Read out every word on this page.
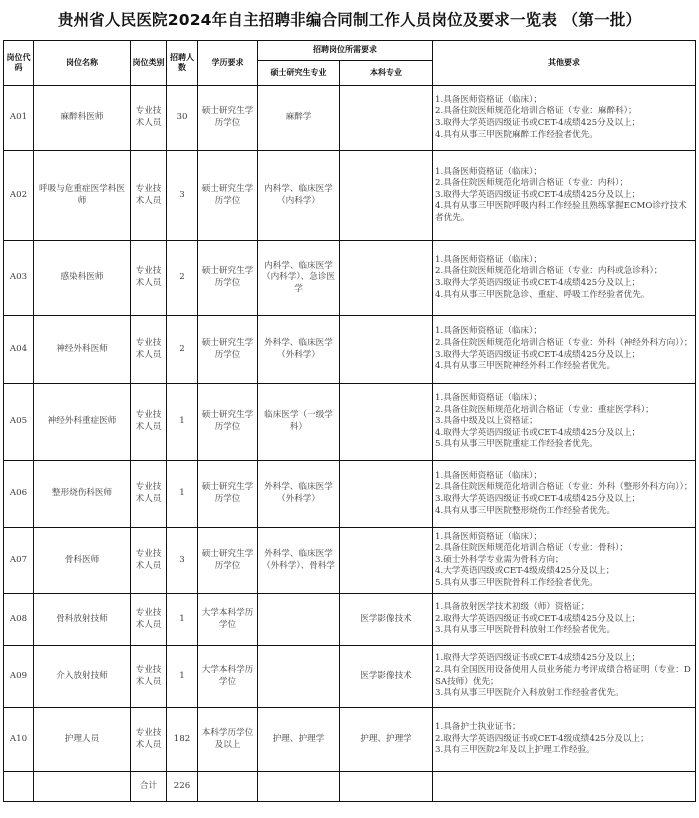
贵州省人民医院2024年自主招聘非编合同制工作人员岗位及要求一览表 （第一批）
岗位代码	岗位名称	岗位类别	招聘人数	学历要求	招聘岗位所需要求		其他要求
					硕士研究生专业	本科专业	
A01	麻醉科医师	专业技术人员	30	硕士研究生学历学位	麻醉学		1.具备医师资格证（临床）；
2.具备住院医师规范化培训合格证（专业：麻醉科）；
3.取得大学英语四级证书或CET-4成绩425分及以上；
4.具有从事三甲医院麻醉工作经验者优先。

A02	呼吸与危重症医学科医师	专业技术人员	3	硕士研究生学历学位	内科学、临床医学（内科学）		1.具备医师资格证（临床）；
2.具备住院医师规范化培训合格证（专业：内科）；
3.取得大学英语四级证书或CET-4成绩425分及以上；
4.具有从事三甲医院呼吸内科工作经验且熟练掌握ECMO诊疗技术者优先。

A03	感染科医师	专业技术人员	2	硕士研究生学历学位	内科学、临床医学（内科学）、急诊医学		1.具备医师资格证（临床）；
2.具备住院医师规范化培训合格证（专业：内科或急诊科）；
3.取得大学英语四级证书或CET-4成绩425分及以上；
4.具有从事三甲医院急诊、重症、呼吸工作经验者优先。

A04	神经外科医师	专业技术人员	2	硕士研究生学历学位	外科学、临床医学（外科学）		1.具备医师资格证（临床）；
2.具备住院医师规范化培训合格证（专业：外科（神经外科方向））；
3.取得大学英语四级证书或CET-4成绩425分及以上；
4.具有从事三甲医院神经外科工作经验者优先。

A05	神经外科重症医师	专业技术人员	1	硕士研究生学历学位	临床医学（一级学科）		1.具备医师资格证（临床）；
2.具备住院医师规范化培训合格证（专业：重症医学科）；
3.具备中级及以上资格证；
4.取得大学英语四级证书或CET-4成绩425分及以上；
5.具有从事三甲医院重症工作经验者优先。

A06	整形烧伤科医师	专业技术人员	1	硕士研究生学历学位	外科学、临床医学（外科学）		1.具备医师资格证（临床）；
2.具备住院医师规范化培训合格证（专业：外科（整形外科方向））；
3.取得大学英语四级证书或CET-4成绩425分及以上；
4.具有从事三甲医院整形烧伤工作经验者优先。

A07	骨科医师	专业技术人员	3	硕士研究生学历学位	外科学、临床医学（外科学）、骨科学		1.具备医师资格证（临床）；
2.具备住院医师规范化培训合格证（专业：骨科）；
3.硕士外科学专业需为骨科方向；
4.大学英语四级或CET-4级成绩425分及以上；
5.具有从事三甲医院骨科工作经验者优先。

A08	骨科放射技师	专业技术人员	1	大学本科学历学位		医学影像技术	1.具备放射医学技术初级（师）资格证；
2.取得大学英语四级证书或CET-4成绩425分及以上；
3.具有从事三甲医院骨科放射工作经验者优先。

A09	介入放射技师	专业技术人员	1	大学本科学历学位		医学影像技术	1.取得大学英语四级证书或CET-4成绩425分及以上；
2.具有全国医用设备使用人员业务能力考评成绩合格证明（专业：DSA技师）优先；
3.具有从事三甲医院介入科放射工作经验者优先。

A10	护理人员	专业技术人员	182	本科学历学位及以上	护理、护理学	护理、护理学	1.具备护士执业证书；
2.取得大学英语四级证书或CET-4级成绩425分及以上；
3.具有三甲医院2年及以上护理工作经验。

		合计	226				
